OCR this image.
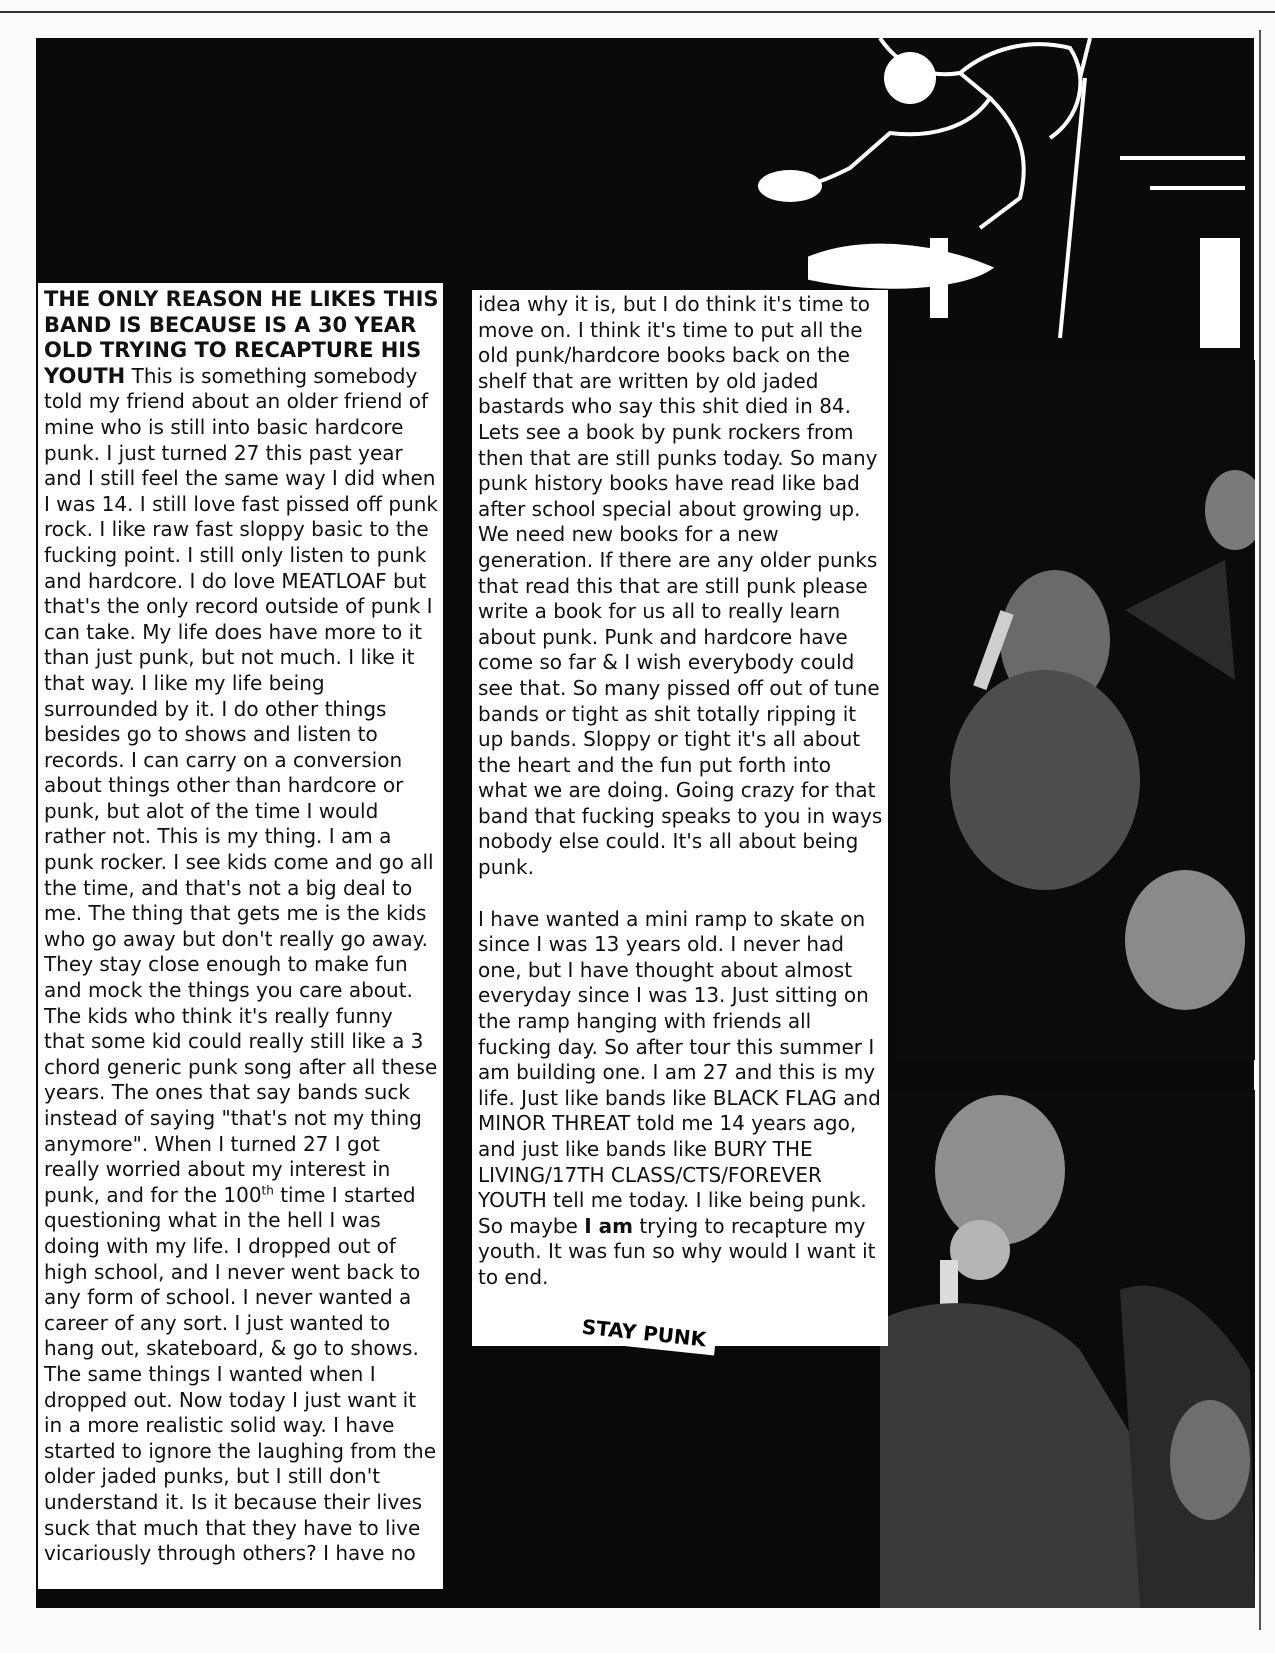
THE ONLY REASON HE LIKES THIS BAND IS BECAUSE IS A 30 YEAR OLD TRYING TO RECAPTURE HIS YOUTH This is something somebody told my friend about an older friend of mine who is still into basic hardcore punk. I just turned 27 this past year and I still feel the same way I did when I was 14. I still love fast pissed off punk rock. I like raw fast sloppy basic to the fucking point. I still only listen to punk and hardcore. I do love MEATLOAF but that's the only record outside of punk I can take. My life does have more to it than just punk, but not much. I like it that way. I like my life being surrounded by it. I do other things besides go to shows and listen to records. I can carry on a conversion about things other than hardcore or punk, but alot of the time I would rather not. This is my thing. I am a punk rocker. I see kids come and go all the time, and that's not a big deal to me. The thing that gets me is the kids who go away but don't really go away. They stay close enough to make fun and mock the things you care about. The kids who think it's really funny that some kid could really still like a 3 chord generic punk song after all these years. The ones that say bands suck instead of saying "that's not my thing anymore". When I turned 27 I got really worried about my interest in punk, and for the 100th time I started questioning what in the hell I was doing with my life. I dropped out of high school, and I never went back to any form of school. I never wanted a career of any sort. I just wanted to hang out, skateboard, & go to shows. The same things I wanted when I dropped out. Now today I just want it in a more realistic solid way. I have started to ignore the laughing from the older jaded punks, but I still don't understand it. Is it because their lives suck that much that they have to live vicariously through others? I have no
idea why it is, but I do think it's time to move on. I think it's time to put all the old punk/hardcore books back on the shelf that are written by old jaded bastards who say this shit died in 84. Lets see a book by punk rockers from then that are still punks today. So many punk history books have read like bad after school special about growing up. We need new books for a new generation. If there are any older punks that read this that are still punk please write a book for us all to really learn about punk. Punk and hardcore have come so far & I wish everybody could see that. So many pissed off out of tune bands or tight as shit totally ripping it up bands. Sloppy or tight it's all about the heart and the fun put forth into what we are doing. Going crazy for that band that fucking speaks to you in ways nobody else could. It's all about being punk.
I have wanted a mini ramp to skate on since I was 13 years old. I never had one, but I have thought about almost everyday since I was 13. Just sitting on the ramp hanging with friends all fucking day. So after tour this summer I am building one. I am 27 and this is my life. Just like bands like BLACK FLAG and MINOR THREAT told me 14 years ago, and just like bands like BURY THE LIVING/17TH CLASS/CTS/FOREVER YOUTH tell me today. I like being punk. So maybe I am trying to recapture my youth. It was fun so why would I want it to end.
STAY PUNK
